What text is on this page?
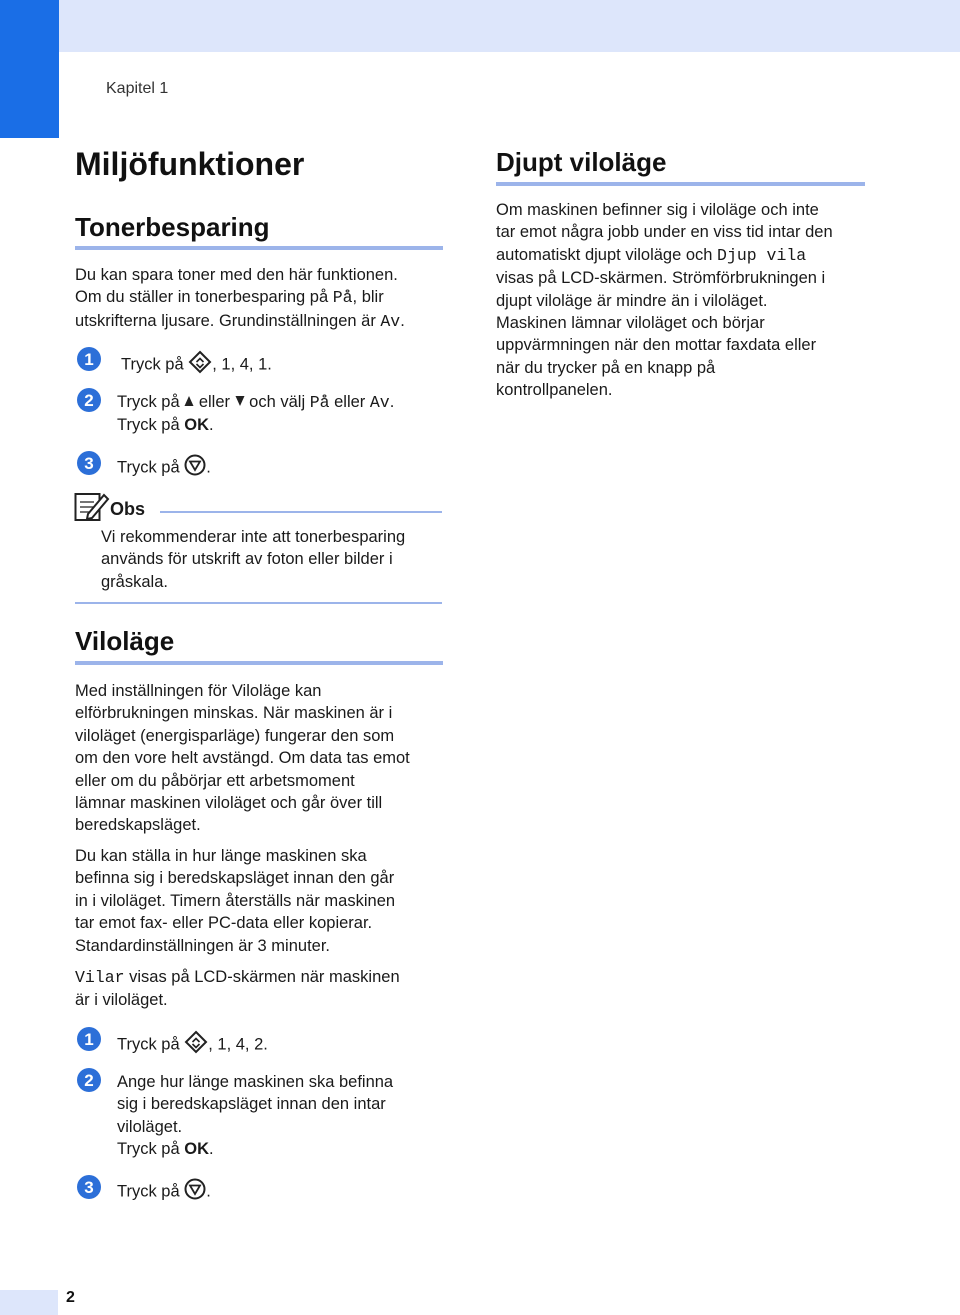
Kapitel 1
Miljöfunktioner
Tonerbesparing
Du kan spara toner med den här funktionen.
Om du ställer in tonerbesparing på På, blir
utskrifterna ljusare. Grundinställningen är Av.
1	Tryck på , 1, 4, 1.
2	Tryck på  eller  och välj På eller Av.
Tryck på OK.
3	Tryck på .
Obs
Vi rekommenderar inte att tonerbesparing
används för utskrift av foton eller bilder i
gråskala.
Viloläge
Med inställningen för Viloläge kan
elförbrukningen minskas. När maskinen är i
viloläget (energisparläge) fungerar den som
om den vore helt avstängd. Om data tas emot
eller om du påbörjar ett arbetsmoment
lämnar maskinen viloläget och går över till
beredskapsläget.
Du kan ställa in hur länge maskinen ska
befinna sig i beredskapsläget innan den går
in i viloläget. Timern återställs när maskinen
tar emot fax- eller PC-data eller kopierar.
Standardinställningen är 3 minuter.
Vilar visas på LCD-skärmen när maskinen
är i viloläget.
1	Tryck på , 1, 4, 2.
2	Ange hur länge maskinen ska befinna
sig i beredskapsläget innan den intar
viloläget.
Tryck på OK.
3	Tryck på .
Djupt viloläge
Om maskinen befinner sig i viloläge och inte
tar emot några jobb under en viss tid intar den
automatiskt djupt viloläge och Djup vila
visas på LCD-skärmen. Strömförbrukningen i
djupt viloläge är mindre än i viloläget.
Maskinen lämnar viloläget och börjar
uppvärmningen när den mottar faxdata eller
när du trycker på en knapp på
kontrollpanelen.
2
